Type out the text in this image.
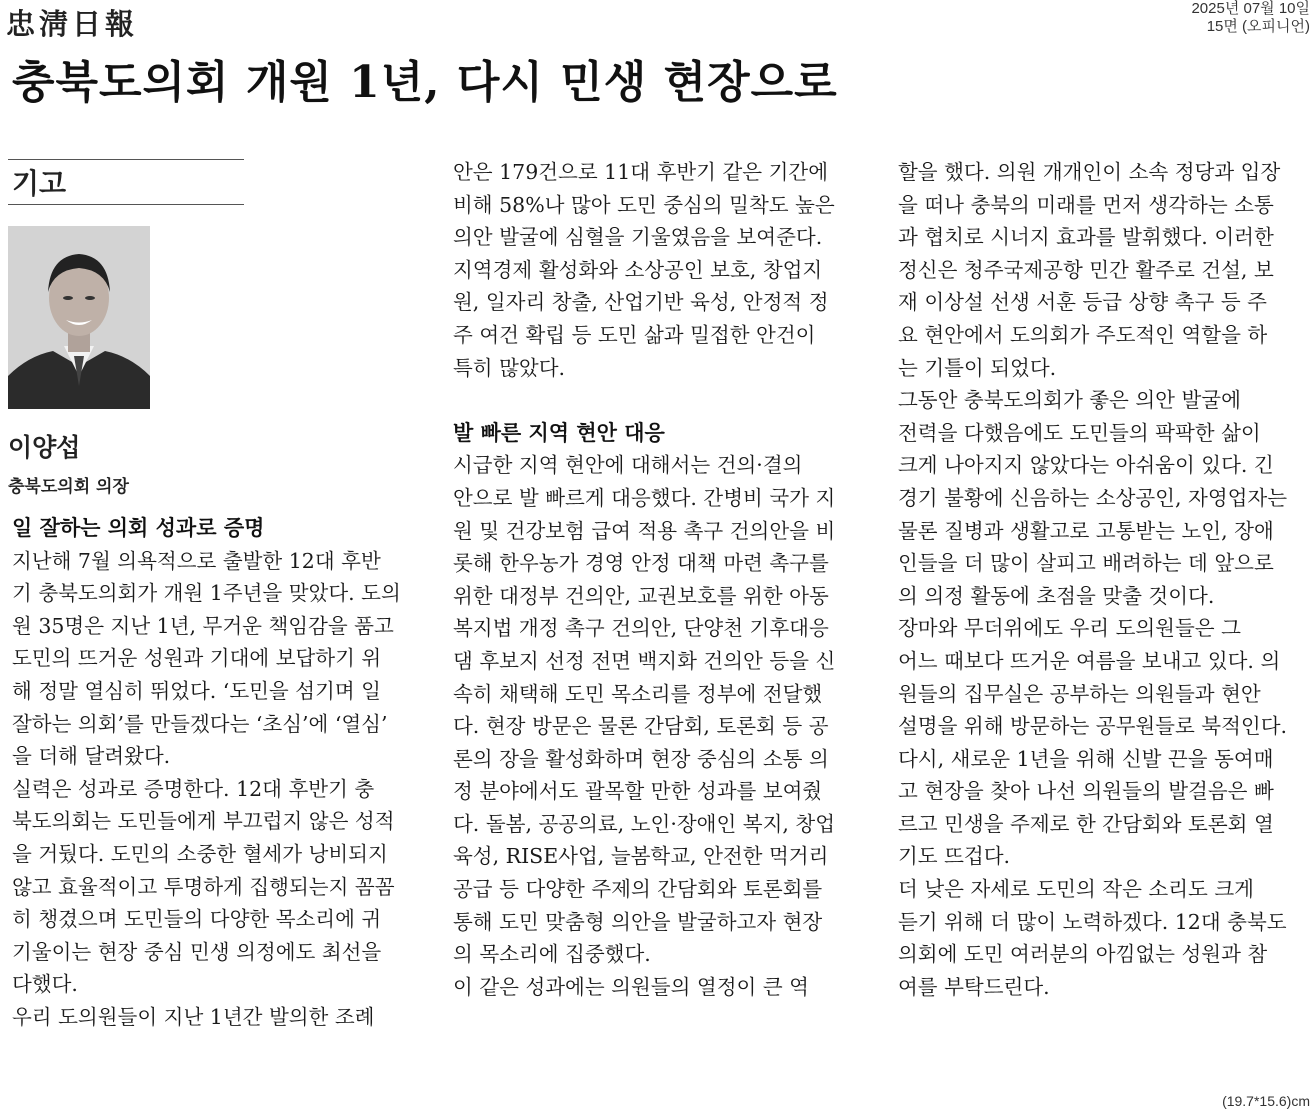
忠淸日報	2025년 07월 10일
15면 (오피니언)
충북도의회 개원 1년, 다시 민생 현장으로
기고
이양섭
충북도의회 의장
일 잘하는 의회 성과로 증명
지난해 7월 의욕적으로 출발한 12대 후반
기 충북도의회가 개원 1주년을 맞았다. 도의
원 35명은 지난 1년, 무거운 책임감을 품고
도민의 뜨거운 성원과 기대에 보답하기 위
해 정말 열심히 뛰었다. ‘도민을 섬기며 일
잘하는 의회’를 만들겠다는 ‘초심’에 ‘열심’
을 더해 달려왔다.
실력은 성과로 증명한다. 12대 후반기 충
북도의회는 도민들에게 부끄럽지 않은 성적
을 거뒀다. 도민의 소중한 혈세가 낭비되지
않고 효율적이고 투명하게 집행되는지 꼼꼼
히 챙겼으며 도민들의 다양한 목소리에 귀
기울이는 현장 중심 민생 의정에도 최선을
다했다.
우리 도의원들이 지난 1년간 발의한 조례
안은 179건으로 11대 후반기 같은 기간에
비해 58%나 많아 도민 중심의 밀착도 높은
의안 발굴에 심혈을 기울였음을 보여준다.
지역경제 활성화와 소상공인 보호, 창업지
원, 일자리 창출, 산업기반 육성, 안정적 정
주 여건 확립 등 도민 삶과 밀접한 안건이
특히 많았다.
발 빠른 지역 현안 대응
시급한 지역 현안에 대해서는 건의·결의
안으로 발 빠르게 대응했다. 간병비 국가 지
원 및 건강보험 급여 적용 촉구 건의안을 비
롯해 한우농가 경영 안정 대책 마련 촉구를
위한 대정부 건의안, 교권보호를 위한 아동
복지법 개정 촉구 건의안, 단양천 기후대응
댐 후보지 선정 전면 백지화 건의안 등을 신
속히 채택해 도민 목소리를 정부에 전달했
다. 현장 방문은 물론 간담회, 토론회 등 공
론의 장을 활성화하며 현장 중심의 소통 의
정 분야에서도 괄목할 만한 성과를 보여줬
다. 돌봄, 공공의료, 노인·장애인 복지, 창업
육성, RISE사업, 늘봄학교, 안전한 먹거리
공급 등 다양한 주제의 간담회와 토론회를
통해 도민 맞춤형 의안을 발굴하고자 현장
의 목소리에 집중했다.
이 같은 성과에는 의원들의 열정이 큰 역
할을 했다. 의원 개개인이 소속 정당과 입장
을 떠나 충북의 미래를 먼저 생각하는 소통
과 협치로 시너지 효과를 발휘했다. 이러한
정신은 청주국제공항 민간 활주로 건설, 보
재 이상설 선생 서훈 등급 상향 촉구 등 주
요 현안에서 도의회가 주도적인 역할을 하
는 기틀이 되었다.
그동안 충북도의회가 좋은 의안 발굴에
전력을 다했음에도 도민들의 팍팍한 삶이
크게 나아지지 않았다는 아쉬움이 있다. 긴
경기 불황에 신음하는 소상공인, 자영업자는
물론 질병과 생활고로 고통받는 노인, 장애
인들을 더 많이 살피고 배려하는 데 앞으로
의 의정 활동에 초점을 맞출 것이다.
장마와 무더위에도 우리 도의원들은 그
어느 때보다 뜨거운 여름을 보내고 있다. 의
원들의 집무실은 공부하는 의원들과 현안
설명을 위해 방문하는 공무원들로 북적인다.
다시, 새로운 1년을 위해 신발 끈을 동여매
고 현장을 찾아 나선 의원들의 발걸음은 빠
르고 민생을 주제로 한 간담회와 토론회 열
기도 뜨겁다.
더 낮은 자세로 도민의 작은 소리도 크게
듣기 위해 더 많이 노력하겠다. 12대 충북도
의회에 도민 여러분의 아낌없는 성원과 참
여를 부탁드린다.
(19.7*15.6)cm
